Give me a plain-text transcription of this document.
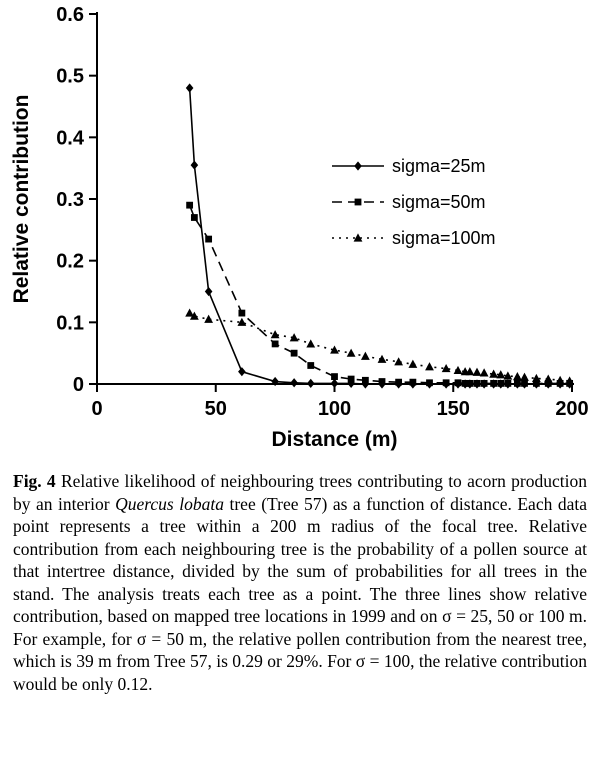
0	50	100	150	200
0
0.1
0.2
0.3
0.4
0.5
0.6
Distance (m)
Relative contribution	sigma=25m
sigma=50m
sigma=100m

Fig. 4 Relative likelihood of neighbouring trees contributing to acorn production by an interior Quercus lobata tree (Tree 57) as a function of distance. Each data point represents a tree within a 200 m radius of the focal tree. Relative contribution from each neighbouring tree is the probability of a pollen source at that intertree distance, divided by the sum of probabilities for all trees in the stand. The analysis treats each tree as a point. The three lines show relative contribution, based on mapped tree locations in 1999 and on σ = 25, 50 or 100 m. For example, for σ = 50 m, the relative pollen contribution from the nearest tree, which is 39 m from Tree 57, is 0.29 or 29%. For σ = 100, the relative contribution would be only 0.12.
